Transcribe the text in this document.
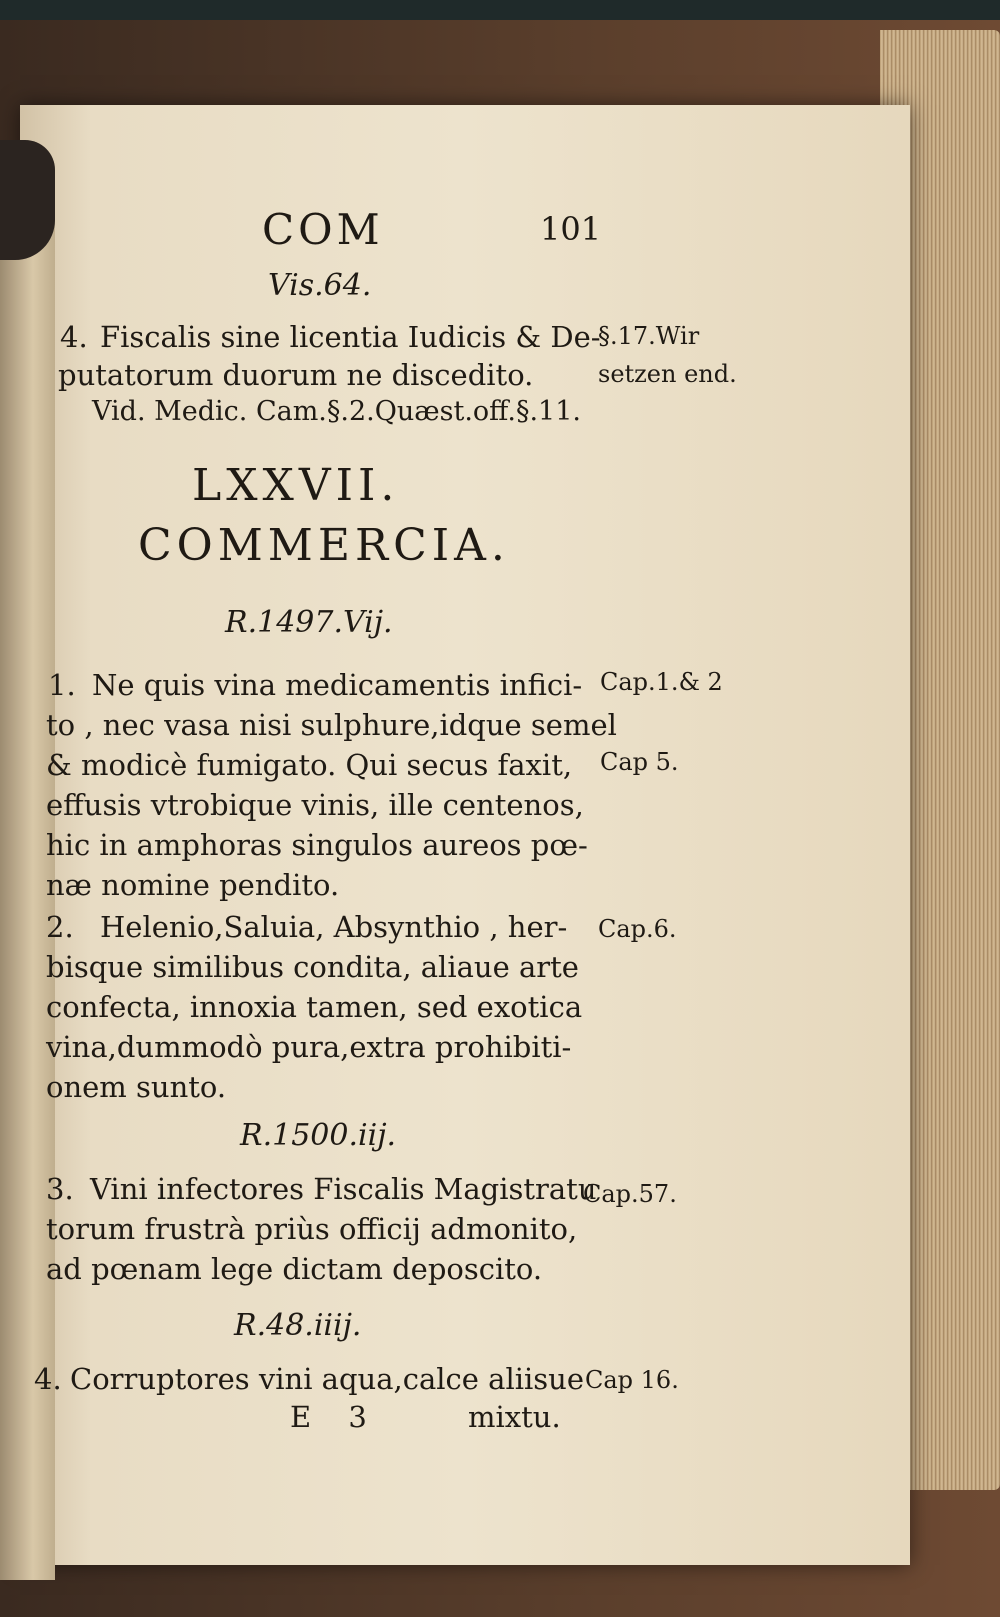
COM	101
Vis.64.
4. Fiscalis sine licentia Iudicis & De-
putatorum duorum ne discedito.
Vid. Medic. Cam.§.2.Quæst.off.§.11.
§.17.Wir
setzen end.
LXXVII.
COMMERCIA.
R.1497.Vij.
1. Ne quis vina medicamentis infici-
to , nec vasa nisi sulphure,idque semel
& modicè fumigato. Qui secus faxit,
effusis vtrobique vinis, ille centenos,
hic in amphoras singulos aureos pœ-
næ nomine pendito.
Cap.1.& 2
Cap 5.
2. Helenio,Saluia, Absynthio , her-
bisque similibus condita, aliaue arte
confecta, innoxia tamen, sed exotica
vina,dummodò pura,extra prohibiti-
onem sunto.
Cap.6.
R.1500.iij.
3. Vini infectores Fiscalis Magistratu
torum frustrà priùs officij admonito,
ad pœnam lege dictam deposcito.
Cap.57.
R.48.iiij.
4. Corruptores vini aqua,calce aliisue Cap 16.
E 3	mixtu.
